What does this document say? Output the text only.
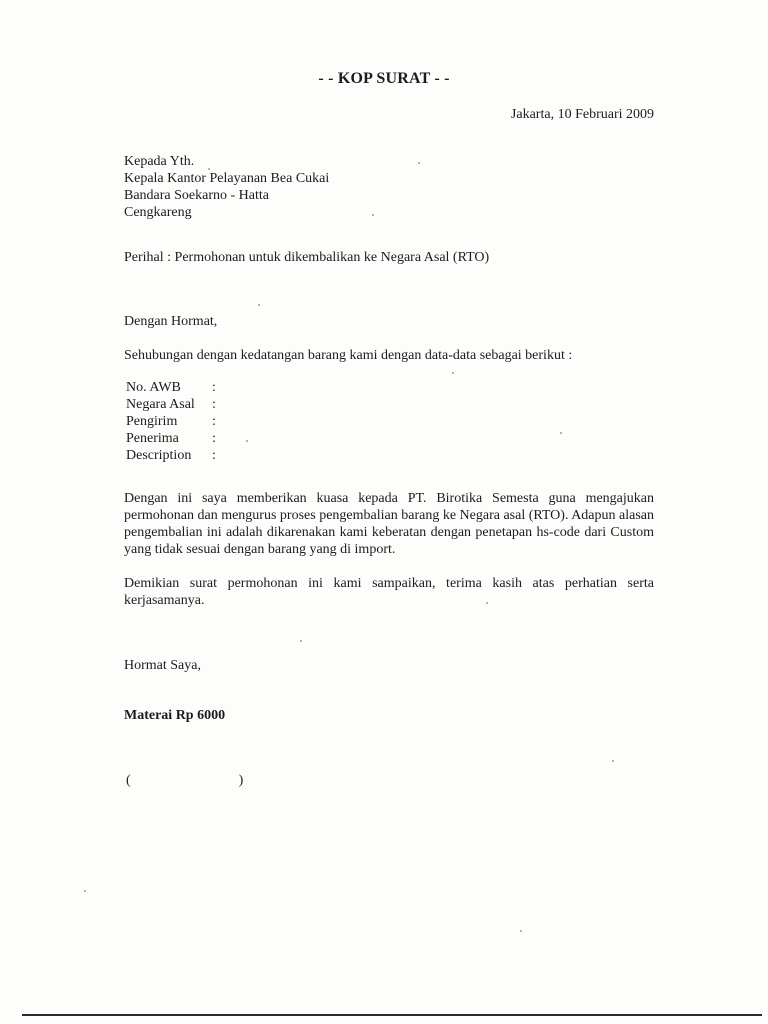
- - KOP SURAT - -
Jakarta, 10 Februari 2009
Kepada Yth.
Kepala Kantor Pelayanan Bea Cukai
Bandara Soekarno - Hatta
Cengkareng
Perihal : Permohonan untuk dikembalikan ke Negara Asal (RTO)
Dengan Hormat,
Sehubungan dengan kedatangan barang kami dengan data-data sebagai berikut :
No. AWB	:
Negara Asal	:
Pengirim	:
Penerima	:
Description	:
Dengan ini saya memberikan kuasa kepada PT. Birotika Semesta guna mengajukan permohonan dan mengurus proses pengembalian barang ke Negara asal (RTO). Adapun alasan pengembalian ini adalah dikarenakan kami keberatan dengan penetapan hs-code dari Custom yang tidak sesuai dengan barang yang di import.
Demikian surat permohonan ini kami sampaikan, terima kasih atas perhatian serta kerjasamanya.
Hormat Saya,
Materai Rp 6000
(	)
